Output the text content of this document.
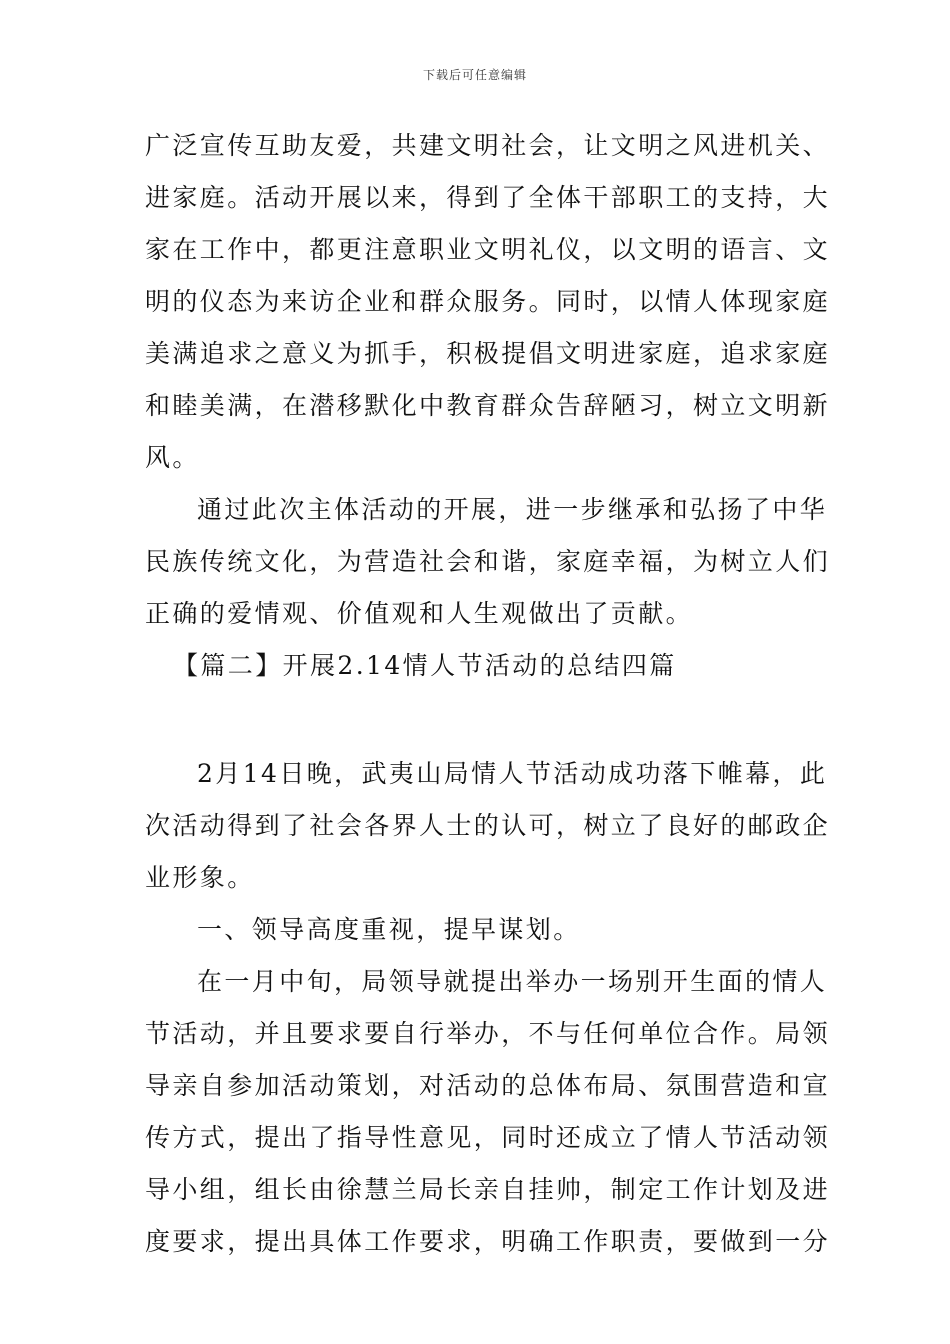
下载后可任意编辑
广泛宣传互助友爱，共建文明社会，让文明之风进机关、
进家庭。活动开展以来，得到了全体干部职工的支持，大
家在工作中，都更注意职业文明礼仪，以文明的语言、文
明的仪态为来访企业和群众服务。同时，以情人体现家庭
美满追求之意义为抓手，积极提倡文明进家庭，追求家庭
和睦美满，在潜移默化中教育群众告辞陋习，树立文明新
风。
通过此次主体活动的开展，进一步继承和弘扬了中华
民族传统文化，为营造社会和谐，家庭幸福，为树立人们
正确的爱情观、价值观和人生观做出了贡献。
【篇二】开展2.14情人节活动的总结四篇
2月14日晚，武夷山局情人节活动成功落下帷幕，此
次活动得到了社会各界人士的认可，树立了良好的邮政企
业形象。
一、领导高度重视，提早谋划。
在一月中旬，局领导就提出举办一场别开生面的情人
节活动，并且要求要自行举办，不与任何单位合作。局领
导亲自参加活动策划，对活动的总体布局、氛围营造和宣
传方式，提出了指导性意见，同时还成立了情人节活动领
导小组，组长由徐慧兰局长亲自挂帅，制定工作计划及进
度要求，提出具体工作要求，明确工作职责，要做到一分
